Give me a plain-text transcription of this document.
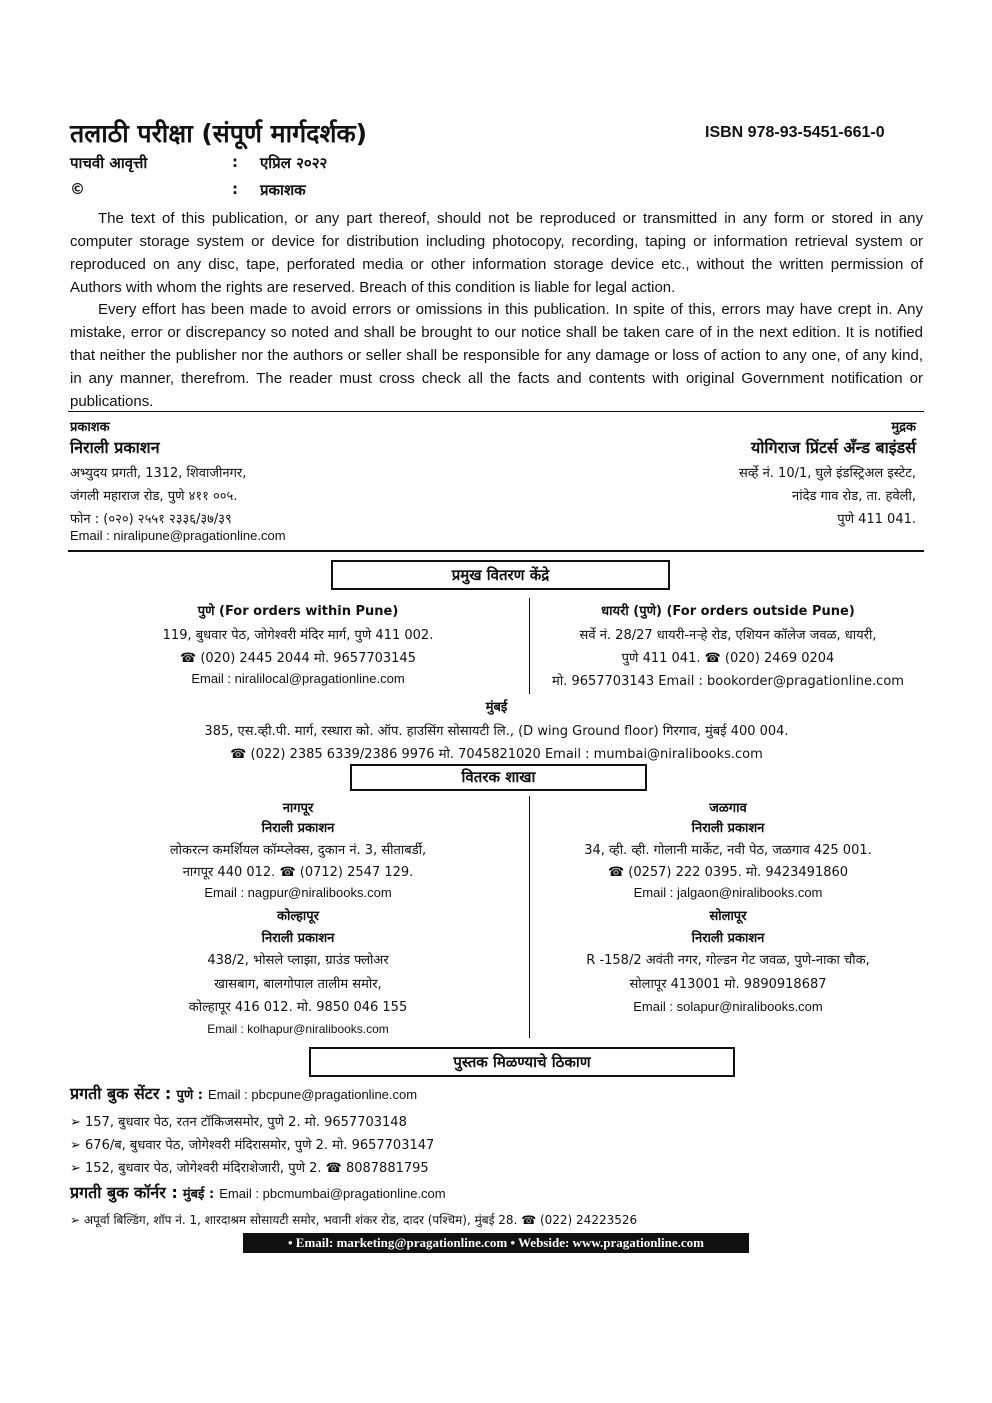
तलाठी परीक्षा (संपूर्ण मार्गदर्शक)	ISBN 978-93-5451-661-0
पाचवी आवृत्ती	: एप्रिल २०२२
©	: प्रकाशक

The text of this publication, or any part thereof, should not be reproduced or transmitted in any form or stored in any computer storage system or device for distribution including photocopy, recording, taping or information retrieval system or reproduced on any disc, tape, perforated media or other information storage device etc., without the written permission of Authors with whom the rights are reserved. Breach of this condition is liable for legal action.

Every effort has been made to avoid errors or omissions in this publication. In spite of this, errors may have crept in. Any mistake, error or discrepancy so noted and shall be brought to our notice shall be taken care of in the next edition. It is notified that neither the publisher nor the authors or seller shall be responsible for any damage or loss of action to any one, of any kind, in any manner, therefrom. The reader must cross check all the facts and contents with original Government notification or publications.

प्रकाशक
निराली प्रकाशन
अभ्युदय प्रगती, 1312, शिवाजीनगर,
जंगली महाराज रोड, पुणे ४११ ००५.
फोन : (०२०) २५५१ २३३६/३७/३९
Email : niralipune@pragationline.com
मुद्रक
योगिराज प्रिंटर्स अँन्ड बाइंडर्स
सर्व्हे नं. 10/1, घुले इंडस्ट्रिअल इस्टेट,
नांदेड गाव रोड, ता. हवेली,
पुणे 411 041.
प्रमुख वितरण केंद्रे
पुणे (For orders within Pune)
119, बुधवार पेठ, जोगेश्वरी मंदिर मार्ग, पुणे 411 002.
☎ (020) 2445 2044 मो. 9657703145
Email : niralilocal@pragationline.com
धायरी (पुणे) (For orders outside Pune)
सर्वे नं. 28/27 धायरी-नऱ्हे रोड, एशियन कॉलेज जवळ, धायरी,
पुणे 411 041. ☎ (020) 2469 0204
मो. 9657703143 Email : bookorder@pragationline.com
मुंबई
385, एस.व्ही.पी. मार्ग, रस्धारा को. ऑप. हाउसिंग सोसायटी लि., (D wing Ground floor) गिरगाव, मुंबई 400 004.
☎ (022) 2385 6339/2386 9976 मो. 7045821020 Email : mumbai@niralibooks.com
वितरक शाखा
नागपूर
निराली प्रकाशन
लोकरत्न कमर्शियल कॉम्प्लेक्स, दुकान नं. 3, सीताबर्डी,
नागपूर 440 012. ☎ (0712) 2547 129.
Email : nagpur@niralibooks.com
जळगाव
निराली प्रकाशन
34, व्ही. व्ही. गोलानी मार्केट, नवी पेठ, जळगाव 425 001.
☎ (0257) 222 0395. मो. 9423491860
Email : jalgaon@niralibooks.com
कोल्हापूर
निराली प्रकाशन
438/2, भोसले प्लाझा, ग्राउंड फ्लोअर
खासबाग, बालगोपाल तालीम समोर,
कोल्हापूर 416 012. मो. 9850 046 155
Email : kolhapur@niralibooks.com
सोलापूर
निराली प्रकाशन
R -158/2 अवंती नगर, गोल्डन गेट जवळ, पुणे-नाका चौक,
सोलापूर 413001 मो. 9890918687
Email : solapur@niralibooks.com
पुस्तक मिळण्याचे ठिकाण
प्रगती बुक सेंटर : पुणे : Email : pbcpune@pragationline.com
➢ 157, बुधवार पेठ, रतन टॉकिजसमोर, पुणे 2. मो. 9657703148
➢ 676/ब, बुधवार पेठ, जोगेश्वरी मंदिरासमोर, पुणे 2. मो. 9657703147
➢ 152, बुधवार पेठ, जोगेश्वरी मंदिराशेजारी, पुणे 2. ☎ 8087881795
प्रगती बुक कॉर्नर : मुंबई : Email : pbcmumbai@pragationline.com
➢ अपूर्वा बिल्डिंग, शॉप नं. 1, शारदाश्रम सोसायटी समोर, भवानी शंकर रोड, दादर (पश्चिम), मुंबई 28. ☎ (022) 24223526
• Email: marketing@pragationline.com • Webside: www.pragationline.com
